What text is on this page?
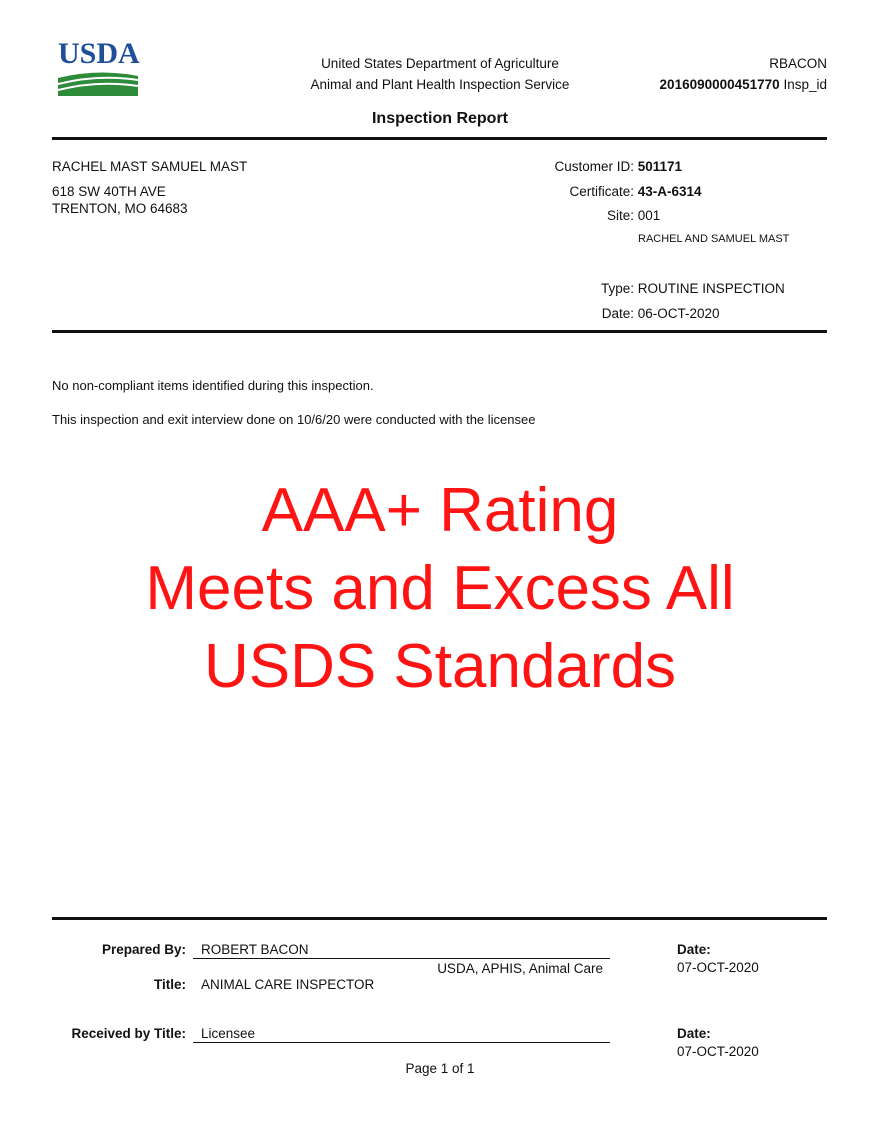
USDA	United States Department of Agriculture
Animal and Plant Health Inspection Service
RBACON
2016090000451770 Insp_id
Inspection Report
RACHEL MAST SAMUEL MAST
618 SW 40TH AVE
TRENTON, MO 64683
Customer ID: 501171
Certificate: 43-A-6314
Site: 001
RACHEL AND SAMUEL MAST
Type: ROUTINE INSPECTION
Date: 06-OCT-2020
No non-compliant items identified during this inspection.
This inspection and exit interview done on 10/6/20 were conducted with the licensee
AAA+ Rating
Meets and Excess All
USDS Standards
Prepared By: ROBERT BACON
USDA, APHIS, Animal Care
Title: ANIMAL CARE INSPECTOR
Date:
07-OCT-2020
Received by Title: Licensee	Date:
07-OCT-2020
Page 1 of 1
